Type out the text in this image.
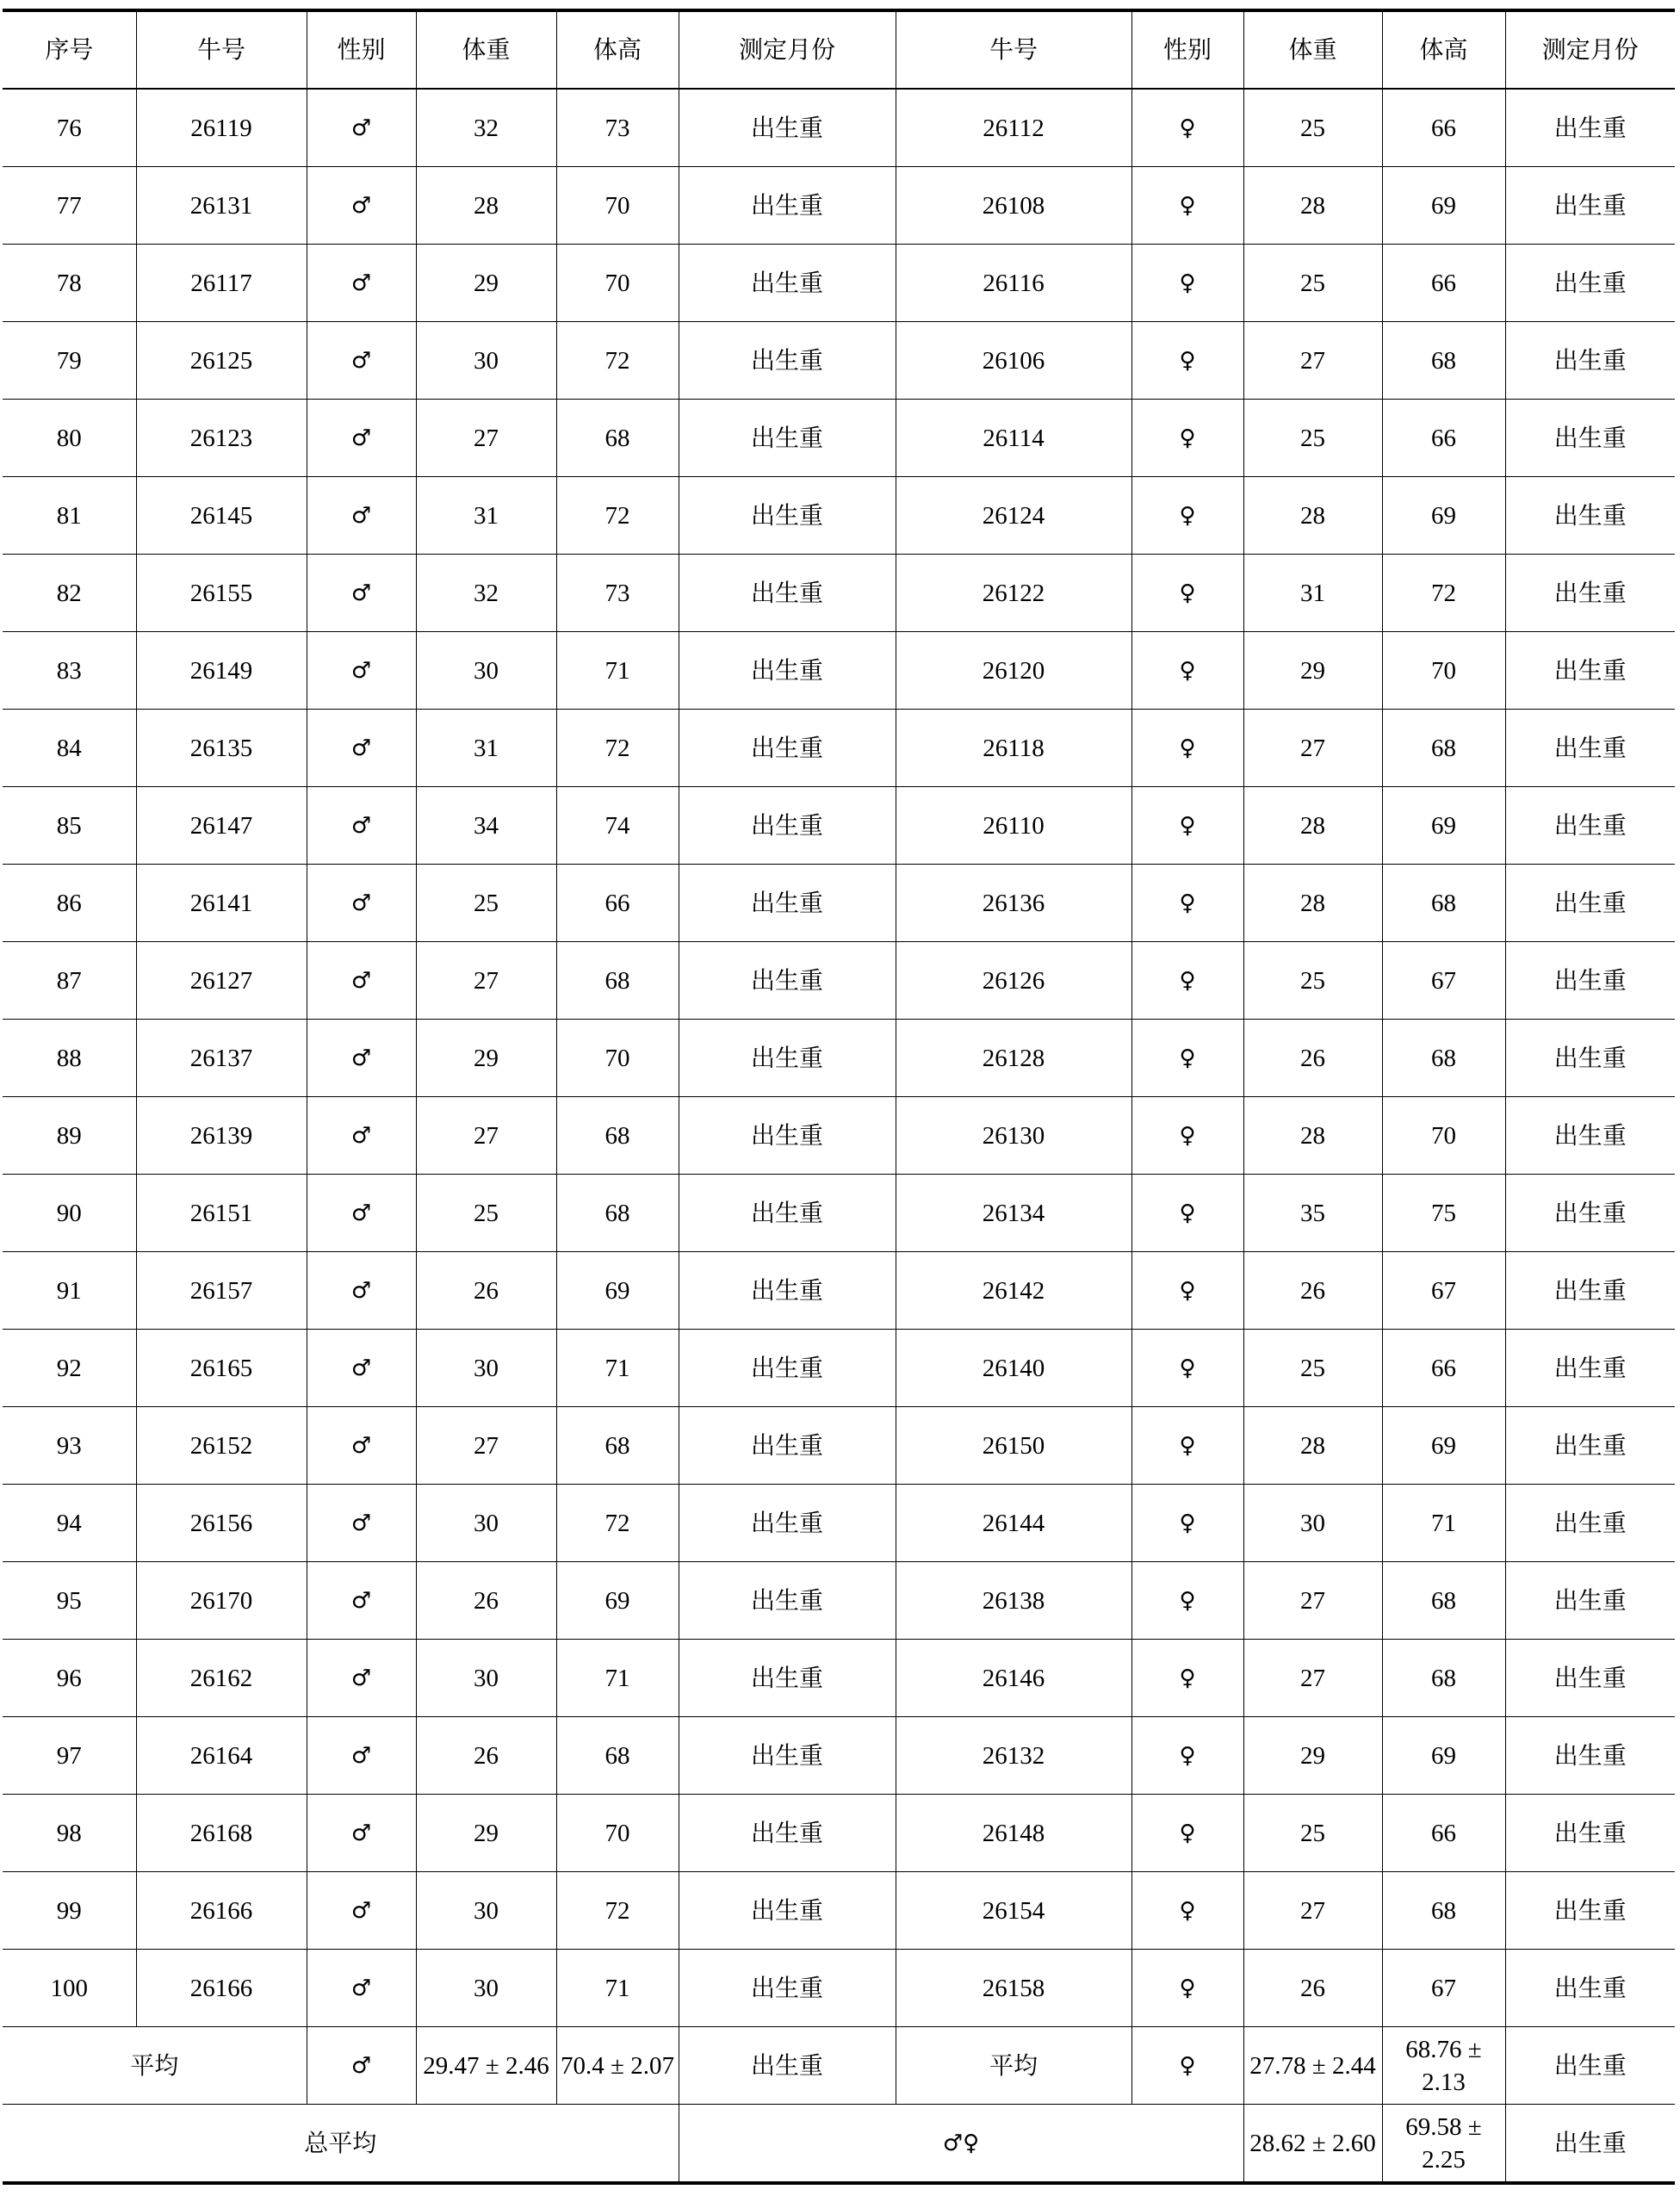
序号	牛号	性别	体重	体高	测定月份	牛号	性别	体重	体高	测定月份
76	26119	♂	32	73	出生重	26112	♀	25	66	出生重
77	26131	♂	28	70	出生重	26108	♀	28	69	出生重
78	26117	♂	29	70	出生重	26116	♀	25	66	出生重
79	26125	♂	30	72	出生重	26106	♀	27	68	出生重
80	26123	♂	27	68	出生重	26114	♀	25	66	出生重
81	26145	♂	31	72	出生重	26124	♀	28	69	出生重
82	26155	♂	32	73	出生重	26122	♀	31	72	出生重
83	26149	♂	30	71	出生重	26120	♀	29	70	出生重
84	26135	♂	31	72	出生重	26118	♀	27	68	出生重
85	26147	♂	34	74	出生重	26110	♀	28	69	出生重
86	26141	♂	25	66	出生重	26136	♀	28	68	出生重
87	26127	♂	27	68	出生重	26126	♀	25	67	出生重
88	26137	♂	29	70	出生重	26128	♀	26	68	出生重
89	26139	♂	27	68	出生重	26130	♀	28	70	出生重
90	26151	♂	25	68	出生重	26134	♀	35	75	出生重
91	26157	♂	26	69	出生重	26142	♀	26	67	出生重
92	26165	♂	30	71	出生重	26140	♀	25	66	出生重
93	26152	♂	27	68	出生重	26150	♀	28	69	出生重
94	26156	♂	30	72	出生重	26144	♀	30	71	出生重
95	26170	♂	26	69	出生重	26138	♀	27	68	出生重
96	26162	♂	30	71	出生重	26146	♀	27	68	出生重
97	26164	♂	26	68	出生重	26132	♀	29	69	出生重
98	26168	♂	29	70	出生重	26148	♀	25	66	出生重
99	26166	♂	30	72	出生重	26154	♀	27	68	出生重
100	26166	♂	30	71	出生重	26158	♀	26	67	出生重
平均		♂	29.47 ± 2.46	70.4 ± 2.07	出生重	平均	♀	27.78 ± 2.44	68.76 ± 2.13	出生重
总平均					♂♀			28.62 ± 2.60	69.58 ± 2.25	出生重
